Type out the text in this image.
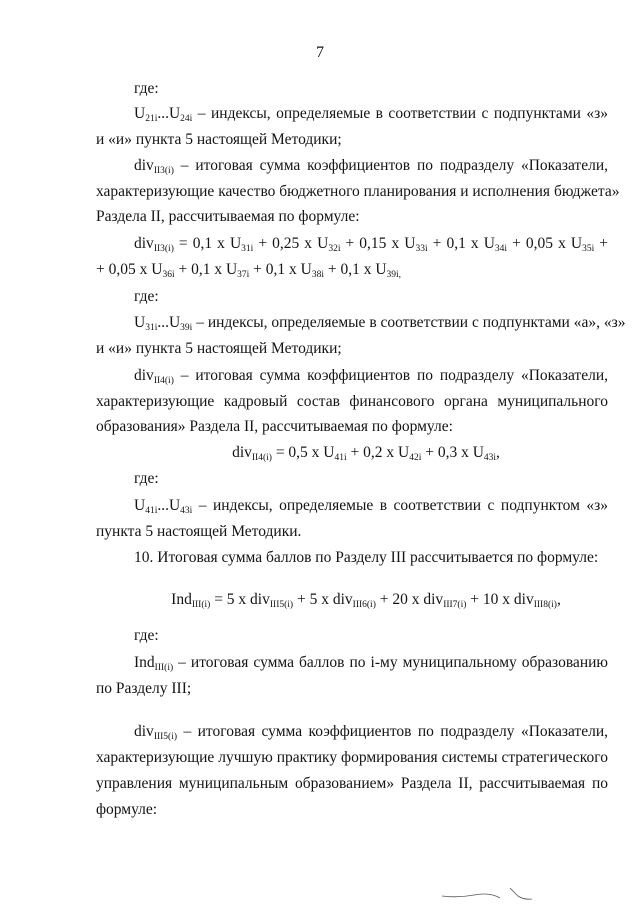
7
где:
$U_{21i}...U_{24i}$ – индексы, определяемые в соответствии с подпунктами «з»
и «и» пункта 5 настоящей Методики;
div$_{II3(i)}$ – итоговая сумма коэффициентов по подразделу «Показатели,
характеризующие качество бюджетного планирования и исполнения бюджета»
Раздела II, рассчитываемая по формуле:
div$_{II3(i)}$ = 0,1 x $U_{31i} + 0,25$ x $U_{32i} + 0,15$ x $U_{33i} + 0,1$ x $U_{34i} + 0,05$ x $U_{35i}$ +
+ 0,05 x $U_{36i} + 0,1$ x $U_{37i} + 0,1$ x $U_{38i} + 0,1$ x $U_{39i,}$
где:
$U_{31i}...U_{39i}$ – индексы, определяемые в соответствии с подпунктами «а», «з»
и «и» пункта 5 настоящей Методики;
div$_{II4(i)}$ – итоговая сумма коэффициентов по подразделу «Показатели,
характеризующие кадровый состав финансового органа муниципального
образования» Раздела II, рассчитываемая по формуле:
div$_{II4(i)}$ = 0,5 x $U_{41i} + 0,2$ x $U_{42i} + 0,3$ x $U_{43i}$,
где:
$U_{41i}...U_{43i}$ – индексы, определяемые в соответствии с подпунктом «з»
пункта 5 настоящей Методики.
10. Итоговая сумма баллов по Разделу III рассчитывается по формуле:
Ind$_{III(i)}$ = 5 x div$_{III5(i)}$ + 5 x div$_{III6(i)}$ + 20 x div$_{III7(i)}$ + 10 x div$_{III8(i)}$,
где:
Ind$_{III(i)}$ – итоговая сумма баллов по i-му муниципальному образованию
по Разделу III;
div$_{III5(i)}$ – итоговая сумма коэффициентов по подразделу «Показатели,
характеризующие лучшую практику формирования системы стратегического
управления муниципальным образованием» Раздела II, рассчитываемая по
формуле:
